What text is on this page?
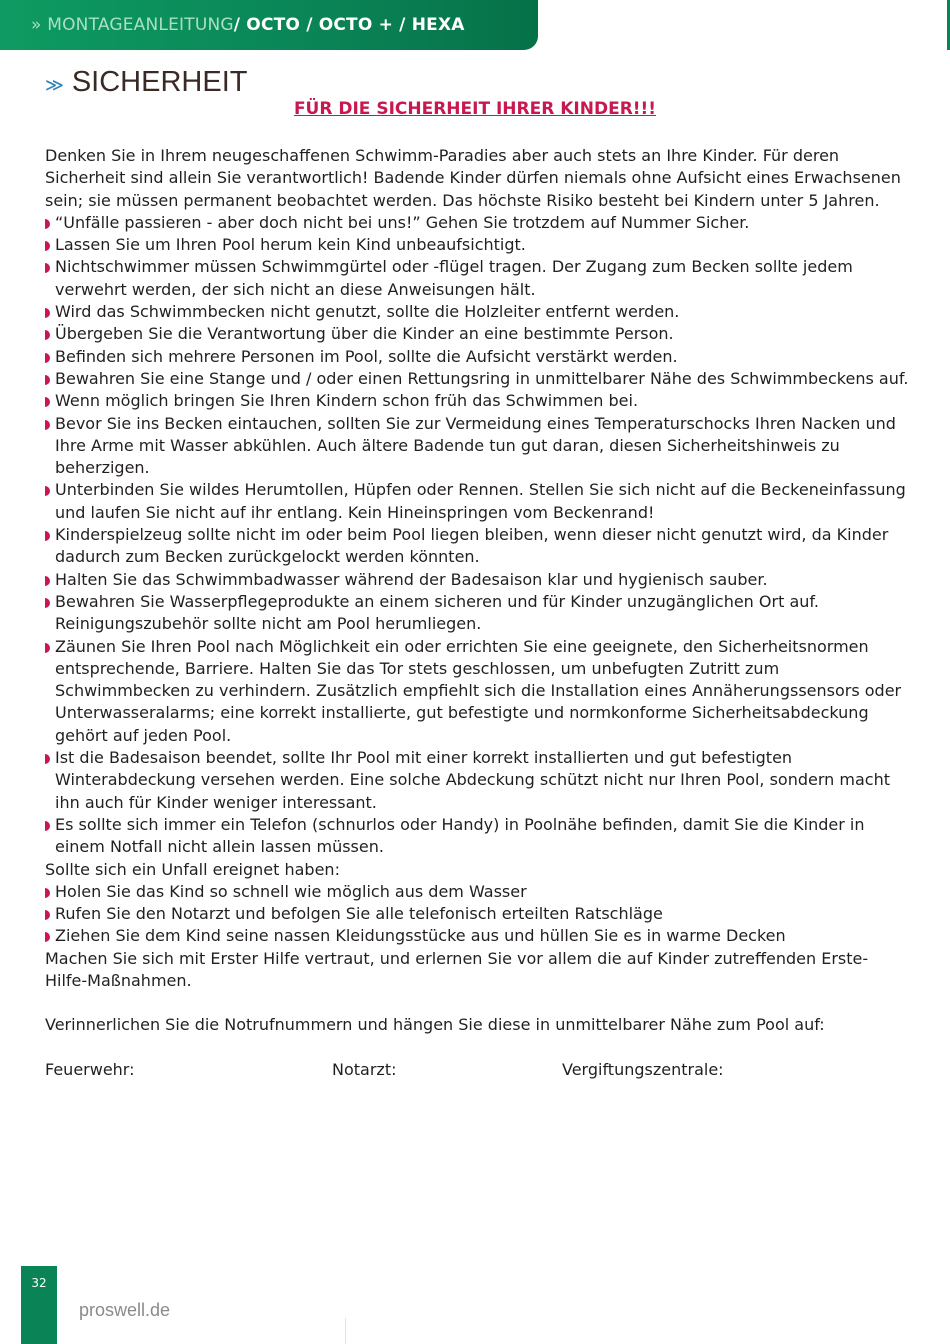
» MONTAGEANLEITUNG / OCTO / OCTO + / HEXA
≫ SICHERHEIT
FÜR DIE SICHERHEIT IHRER KINDER!!!

Denken Sie in Ihrem neugeschaffenen Schwimm-Paradies aber auch stets an Ihre Kinder. Für deren Sicherheit sind allein Sie verantwortlich! Badende Kinder dürfen niemals ohne Aufsicht eines Erwachsenen sein; sie müssen permanent beobachtet werden. Das höchste Risiko besteht bei Kindern unter 5 Jahren.

“Unfälle passieren - aber doch nicht bei uns!” Gehen Sie trotzdem auf Nummer Sicher.
Lassen Sie um Ihren Pool herum kein Kind unbeaufsichtigt.
Nichtschwimmer müssen Schwimmgürtel oder -flügel tragen. Der Zugang zum Becken sollte jedem verwehrt werden, der sich nicht an diese Anweisungen hält.
Wird das Schwimmbecken nicht genutzt, sollte die Holzleiter entfernt werden.
Übergeben Sie die Verantwortung über die Kinder an eine bestimmte Person.
Befinden sich mehrere Personen im Pool, sollte die Aufsicht verstärkt werden.
Bewahren Sie eine Stange und / oder einen Rettungsring in unmittelbarer Nähe des Schwimmbeckens auf.
Wenn möglich bringen Sie Ihren Kindern schon früh das Schwimmen bei.
Bevor Sie ins Becken eintauchen, sollten Sie zur Vermeidung eines Temperaturschocks Ihren Nacken und Ihre Arme mit Wasser abkühlen. Auch ältere Badende tun gut daran, diesen Sicherheitshinweis zu beherzigen.
Unterbinden Sie wildes Herumtollen, Hüpfen oder Rennen. Stellen Sie sich nicht auf die Beckeneinfassung und laufen Sie nicht auf ihr entlang. Kein Hineinspringen vom Beckenrand!
Kinderspielzeug sollte nicht im oder beim Pool liegen bleiben, wenn dieser nicht genutzt wird, da Kinder dadurch zum Becken zurückgelockt werden könnten.
Halten Sie das Schwimmbadwasser während der Badesaison klar und hygienisch sauber.
Bewahren Sie Wasserpflegeprodukte an einem sicheren und für Kinder unzugänglichen Ort auf. Reinigungszubehör sollte nicht am Pool herumliegen.
Zäunen Sie Ihren Pool nach Möglichkeit ein oder errichten Sie eine geeignete, den Sicherheitsnormen entsprechende, Barriere. Halten Sie das Tor stets geschlossen, um unbefugten Zutritt zum Schwimmbecken zu verhindern. Zusätzlich empfiehlt sich die Installation eines Annäherungssensors oder Unterwasseralarms; eine korrekt installierte, gut befestigte und normkonforme Sicherheitsabdeckung gehört auf jeden Pool.
Ist die Badesaison beendet, sollte Ihr Pool mit einer korrekt installierten und gut befestigten Winterabdeckung versehen werden. Eine solche Abdeckung schützt nicht nur Ihren Pool, sondern macht ihn auch für Kinder weniger interessant.
Es sollte sich immer ein Telefon (schnurlos oder Handy) in Poolnähe befinden, damit Sie die Kinder in einem Notfall nicht allein lassen müssen.

Sollte sich ein Unfall ereignet haben:

Holen Sie das Kind so schnell wie möglich aus dem Wasser
Rufen Sie den Notarzt und befolgen Sie alle telefonisch erteilten Ratschläge
Ziehen Sie dem Kind seine nassen Kleidungsstücke aus und hüllen Sie es in warme Decken

Machen Sie sich mit Erster Hilfe vertraut, und erlernen Sie vor allem die auf Kinder zutreffenden Erste-Hilfe-Maßnahmen.

Verinnerlichen Sie die Notrufnummern und hängen Sie diese in unmittelbarer Nähe zum Pool auf:

Feuerwehr:	Notarzt:	Vergiftungszentrale:
32
proswell.de
